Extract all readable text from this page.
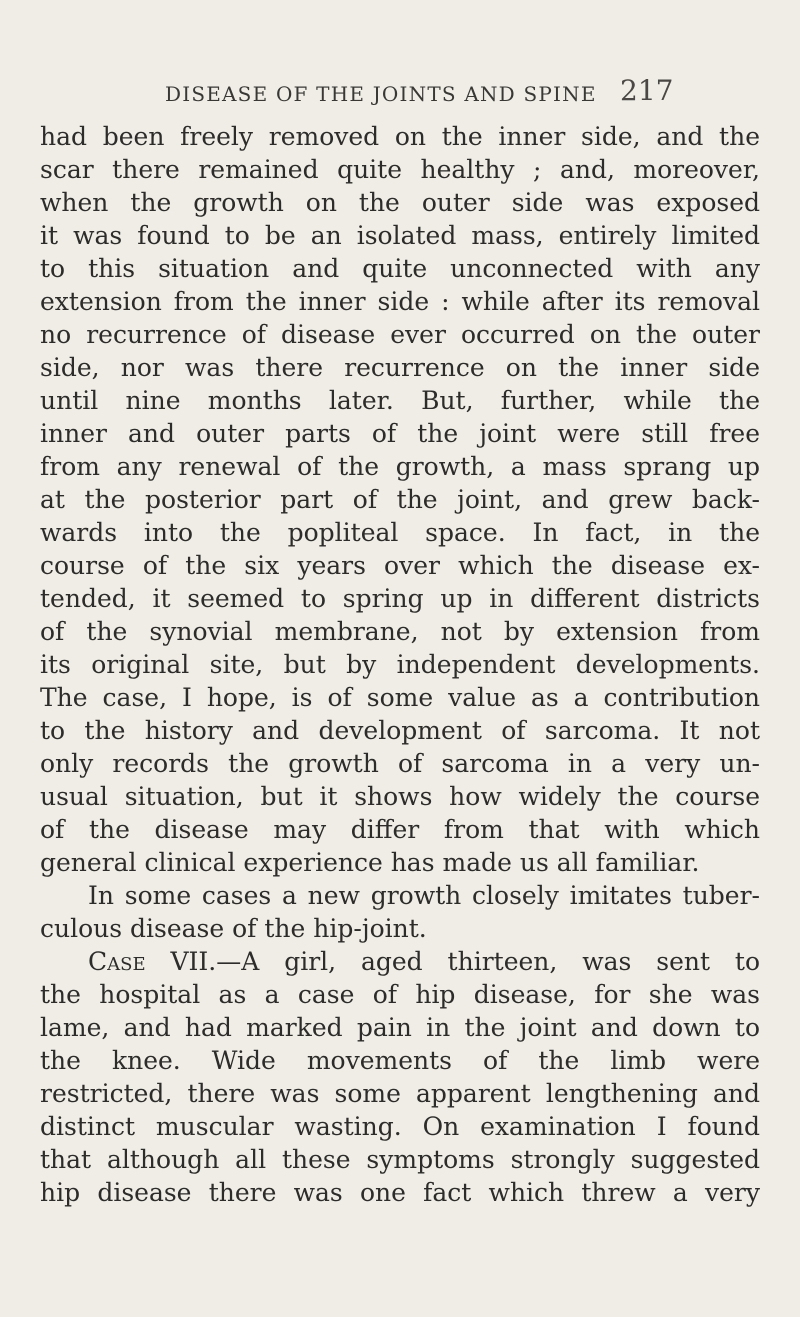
DISEASE OF THE JOINTS AND SPINE 217
had been freely removed on the inner side, and the
scar there remained quite healthy ; and, moreover,
when the growth on the outer side was exposed
it was found to be an isolated mass, entirely limited
to this situation and quite unconnected with any
extension from the inner side : while after its removal
no recurrence of disease ever occurred on the outer
side, nor was there recurrence on the inner side
until nine months later. But, further, while the
inner and outer parts of the joint were still free
from any renewal of the growth, a mass sprang up
at the posterior part of the joint, and grew back-
wards into the popliteal space. In fact, in the
course of the six years over which the disease ex-
tended, it seemed to spring up in different districts
of the synovial membrane, not by extension from
its original site, but by independent developments.
The case, I hope, is of some value as a contribution
to the history and development of sarcoma. It not
only records the growth of sarcoma in a very un-
usual situation, but it shows how widely the course
of the disease may differ from that with which
general clinical experience has made us all familiar.
In some cases a new growth closely imitates tuber-
culous disease of the hip-joint.
Case VII.—A girl, aged thirteen, was sent to
the hospital as a case of hip disease, for she was
lame, and had marked pain in the joint and down to
the knee. Wide movements of the limb were
restricted, there was some apparent lengthening and
distinct muscular wasting. On examination I found
that although all these symptoms strongly suggested
hip disease there was one fact which threw a very
